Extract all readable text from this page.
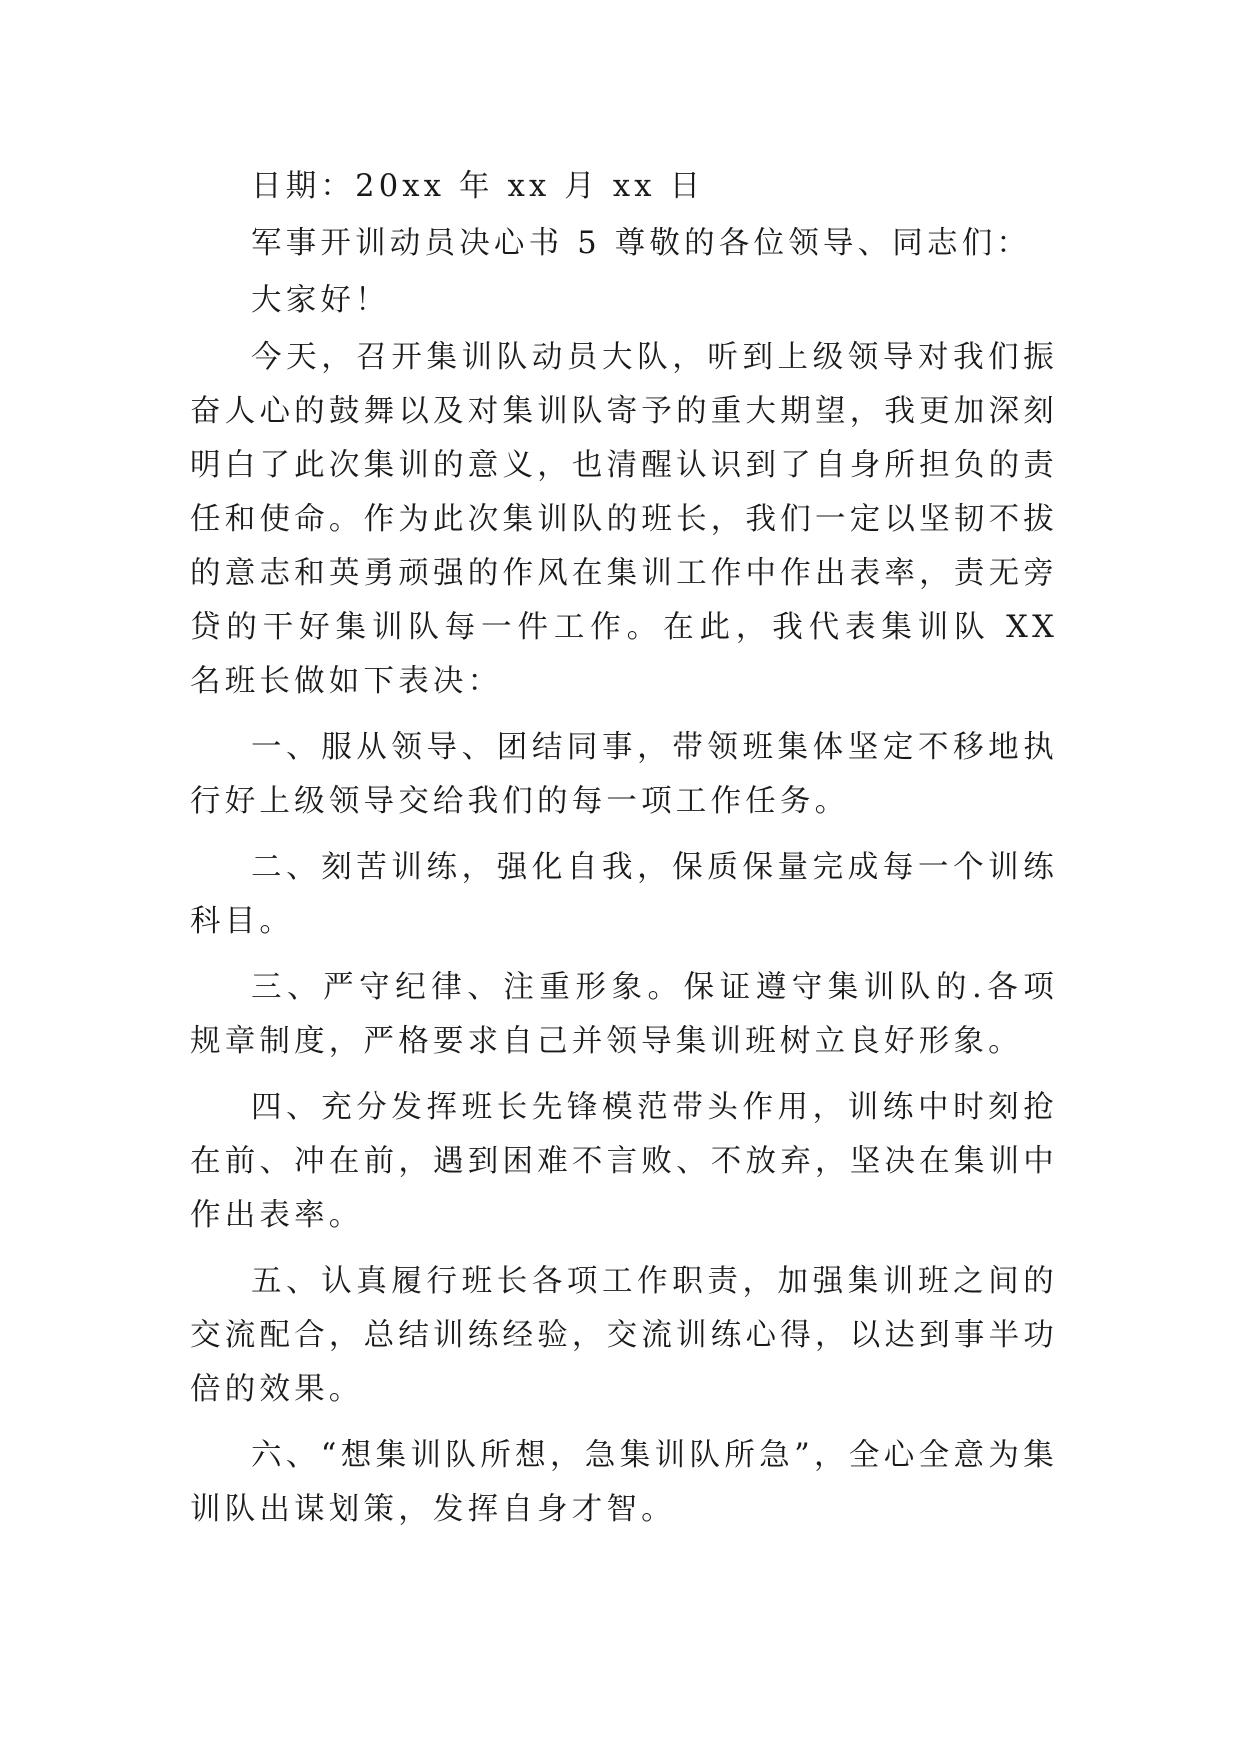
日期：20xx 年 xx 月 xx 日

军事开训动员决心书 5 尊敬的各位领导、同志们：

大家好！

今天，召开集训队动员大队，听到上级领导对我们振奋人心的鼓舞以及对集训队寄予的重大期望，我更加深刻明白了此次集训的意义，也清醒认识到了自身所担负的责任和使命。作为此次集训队的班长，我们一定以坚韧不拔的意志和英勇顽强的作风在集训工作中作出表率，责无旁贷的干好集训队每一件工作。在此，我代表集训队 XX 名班长做如下表决：

一、服从领导、团结同事，带领班集体坚定不移地执行好上级领导交给我们的每一项工作任务。

二、刻苦训练，强化自我，保质保量完成每一个训练科目。

三、严守纪律、注重形象。保证遵守集训队的.各项规章制度，严格要求自己并领导集训班树立良好形象。

四、充分发挥班长先锋模范带头作用，训练中时刻抢在前、冲在前，遇到困难不言败、不放弃，坚决在集训中作出表率。

五、认真履行班长各项工作职责，加强集训班之间的交流配合，总结训练经验，交流训练心得，以达到事半功倍的效果。

六、“想集训队所想，急集训队所急”，全心全意为集训队出谋划策，发挥自身才智。
